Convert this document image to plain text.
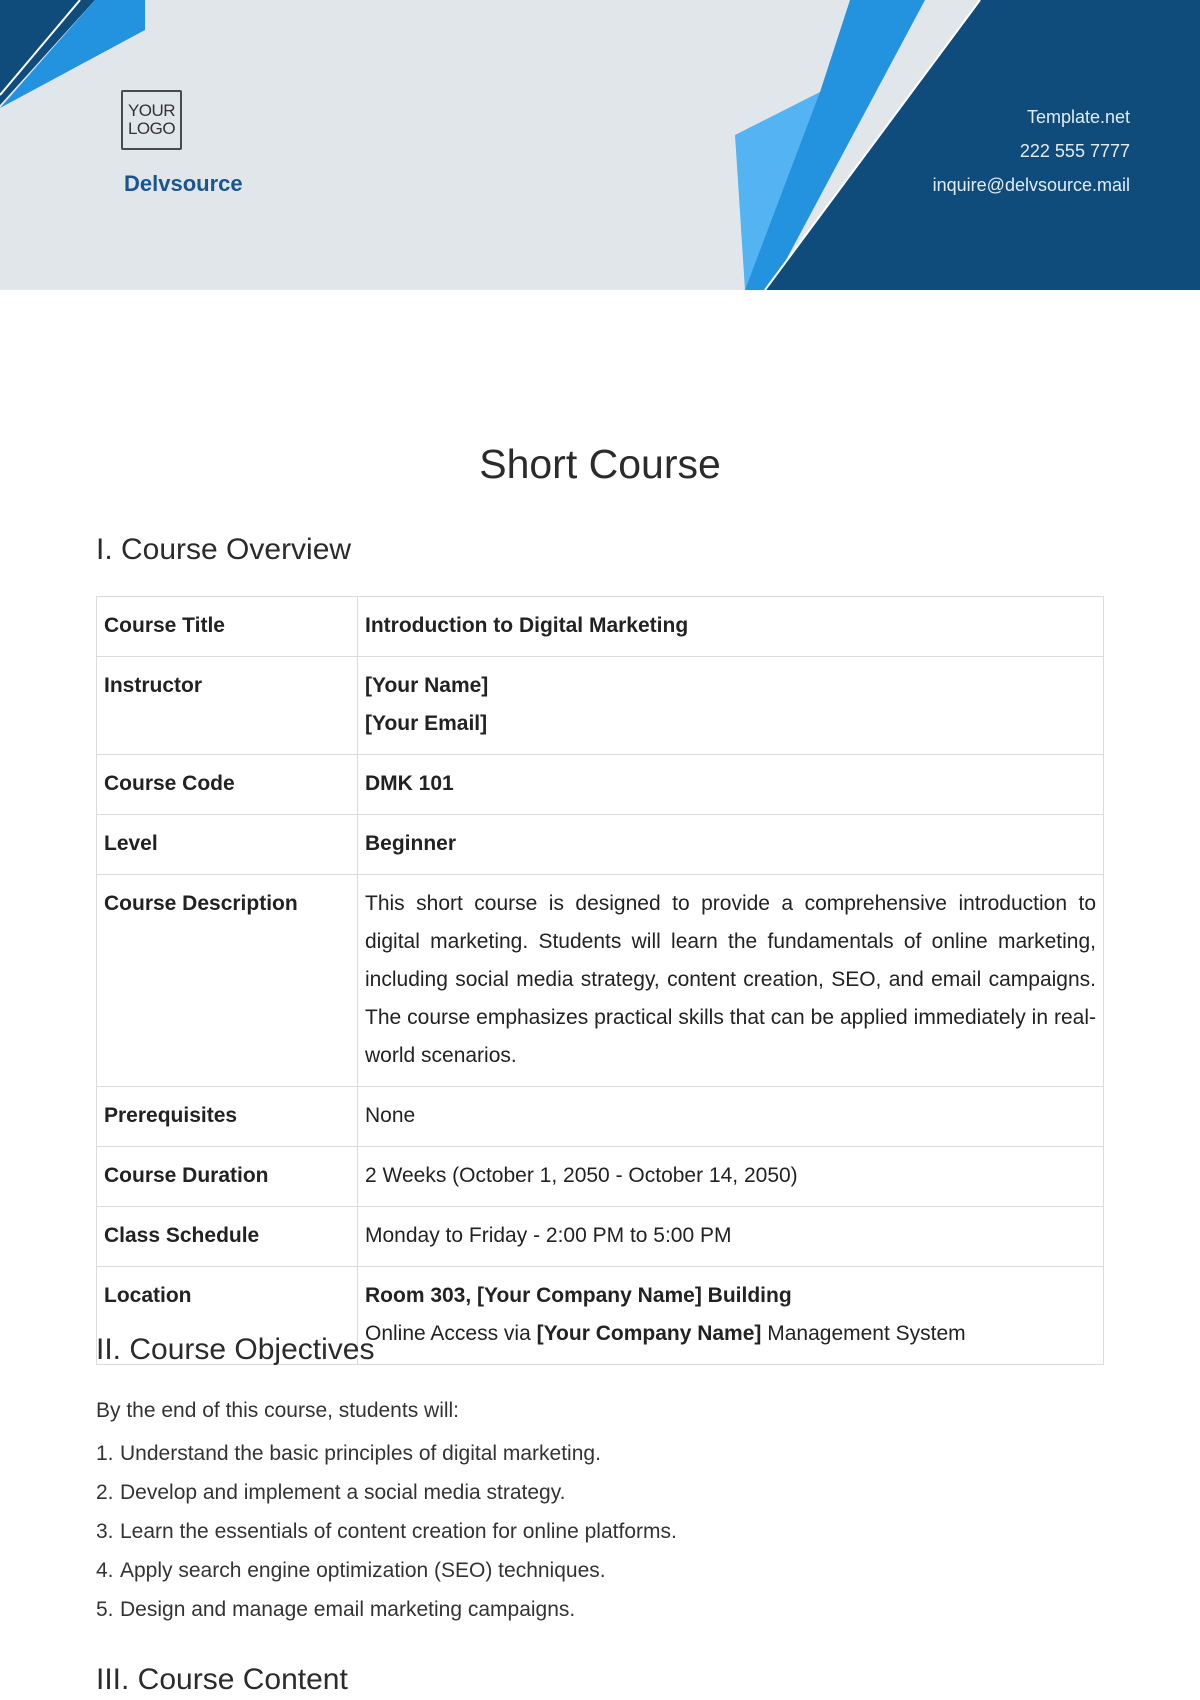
YOUR
LOGO
Delvsource
Template.net
222 555 7777
inquire@delvsource.mail
Short Course
I. Course Overview
Course Title	Introduction to Digital Marketing
Instructor	[Your Name]
[Your Email]

Course Code	DMK 101
Level	Beginner
Course Description	This short course is designed to provide a comprehensive introduction to digital marketing. Students will learn the fundamentals of online marketing, including social media strategy, content creation, SEO, and email campaigns. The course emphasizes practical skills that can be applied immediately in real-world scenarios.
Prerequisites	None
Course Duration	2 Weeks (October 1, 2050 - October 14, 2050)
Class Schedule	Monday to Friday - 2:00 PM to 5:00 PM
Location	Room 303, [Your Company Name] Building
Online Access via [Your Company Name] Management System
II. Course Objectives

By the end of this course, students will:

1. Understand the basic principles of digital marketing.
2. Develop and implement a social media strategy.
3. Learn the essentials of content creation for online platforms.
4. Apply search engine optimization (SEO) techniques.
5. Design and manage email marketing campaigns.
III. Course Content
